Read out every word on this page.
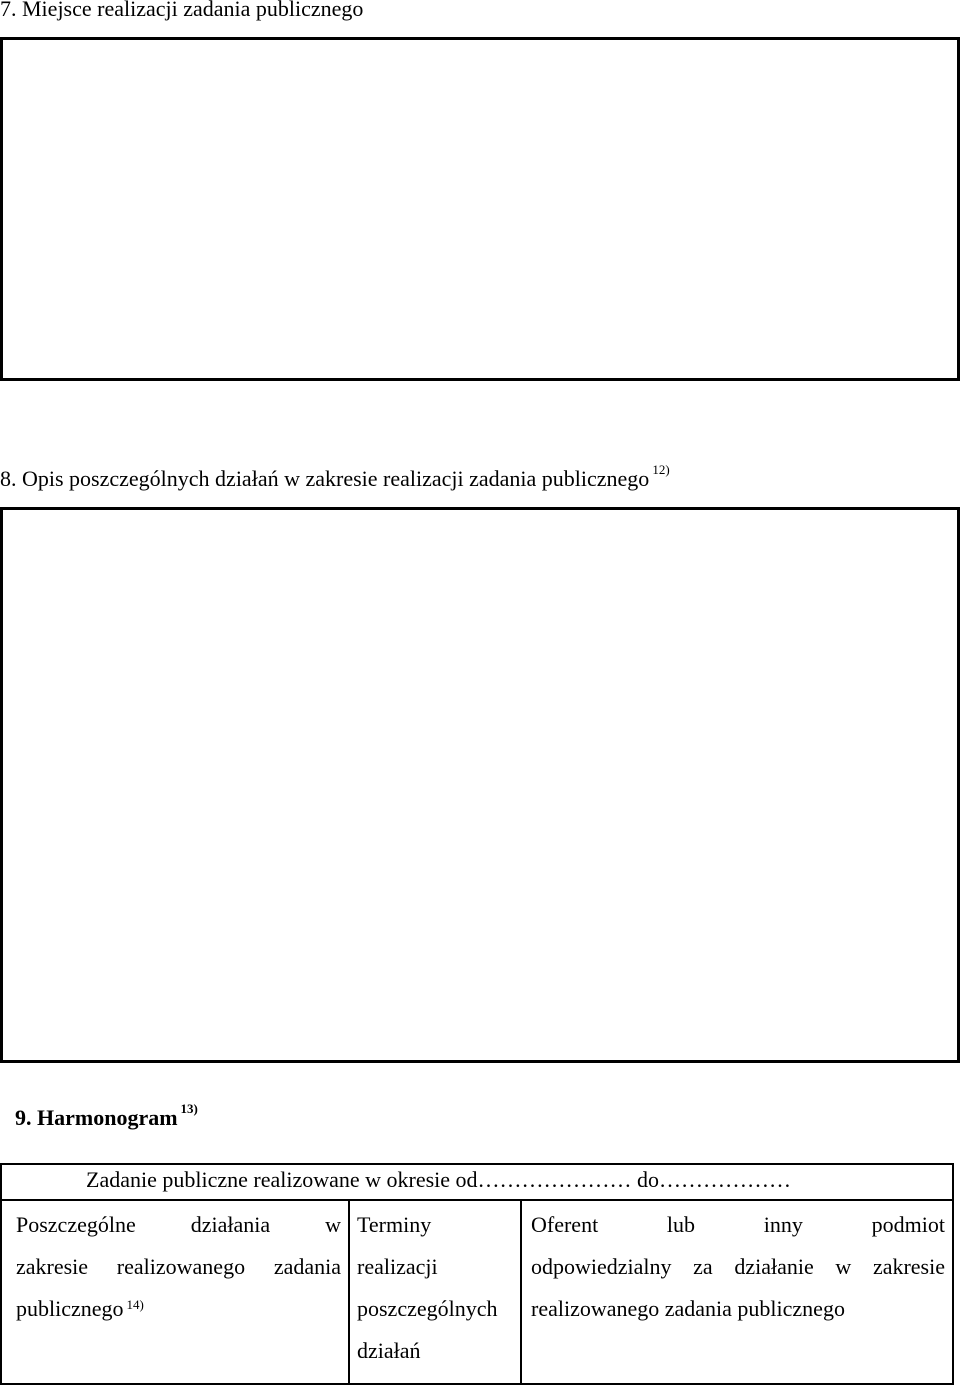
7. Miejsce realizacji zadania publicznego
8. Opis poszczególnych działań w zakresie realizacji zadania publicznego $^{12)}$
9. Harmonogram $^{13)}$
Zadanie publiczne realizowane w okresie od………………… do………………
Poszczególne działania w
zakresie realizowanego zadania
publicznego $^{14)}$
Terminy
realizacji
poszczególnych
działań
Oferent lub inny podmiot
odpowiedzialny za działanie w zakresie
realizowanego zadania publicznego
